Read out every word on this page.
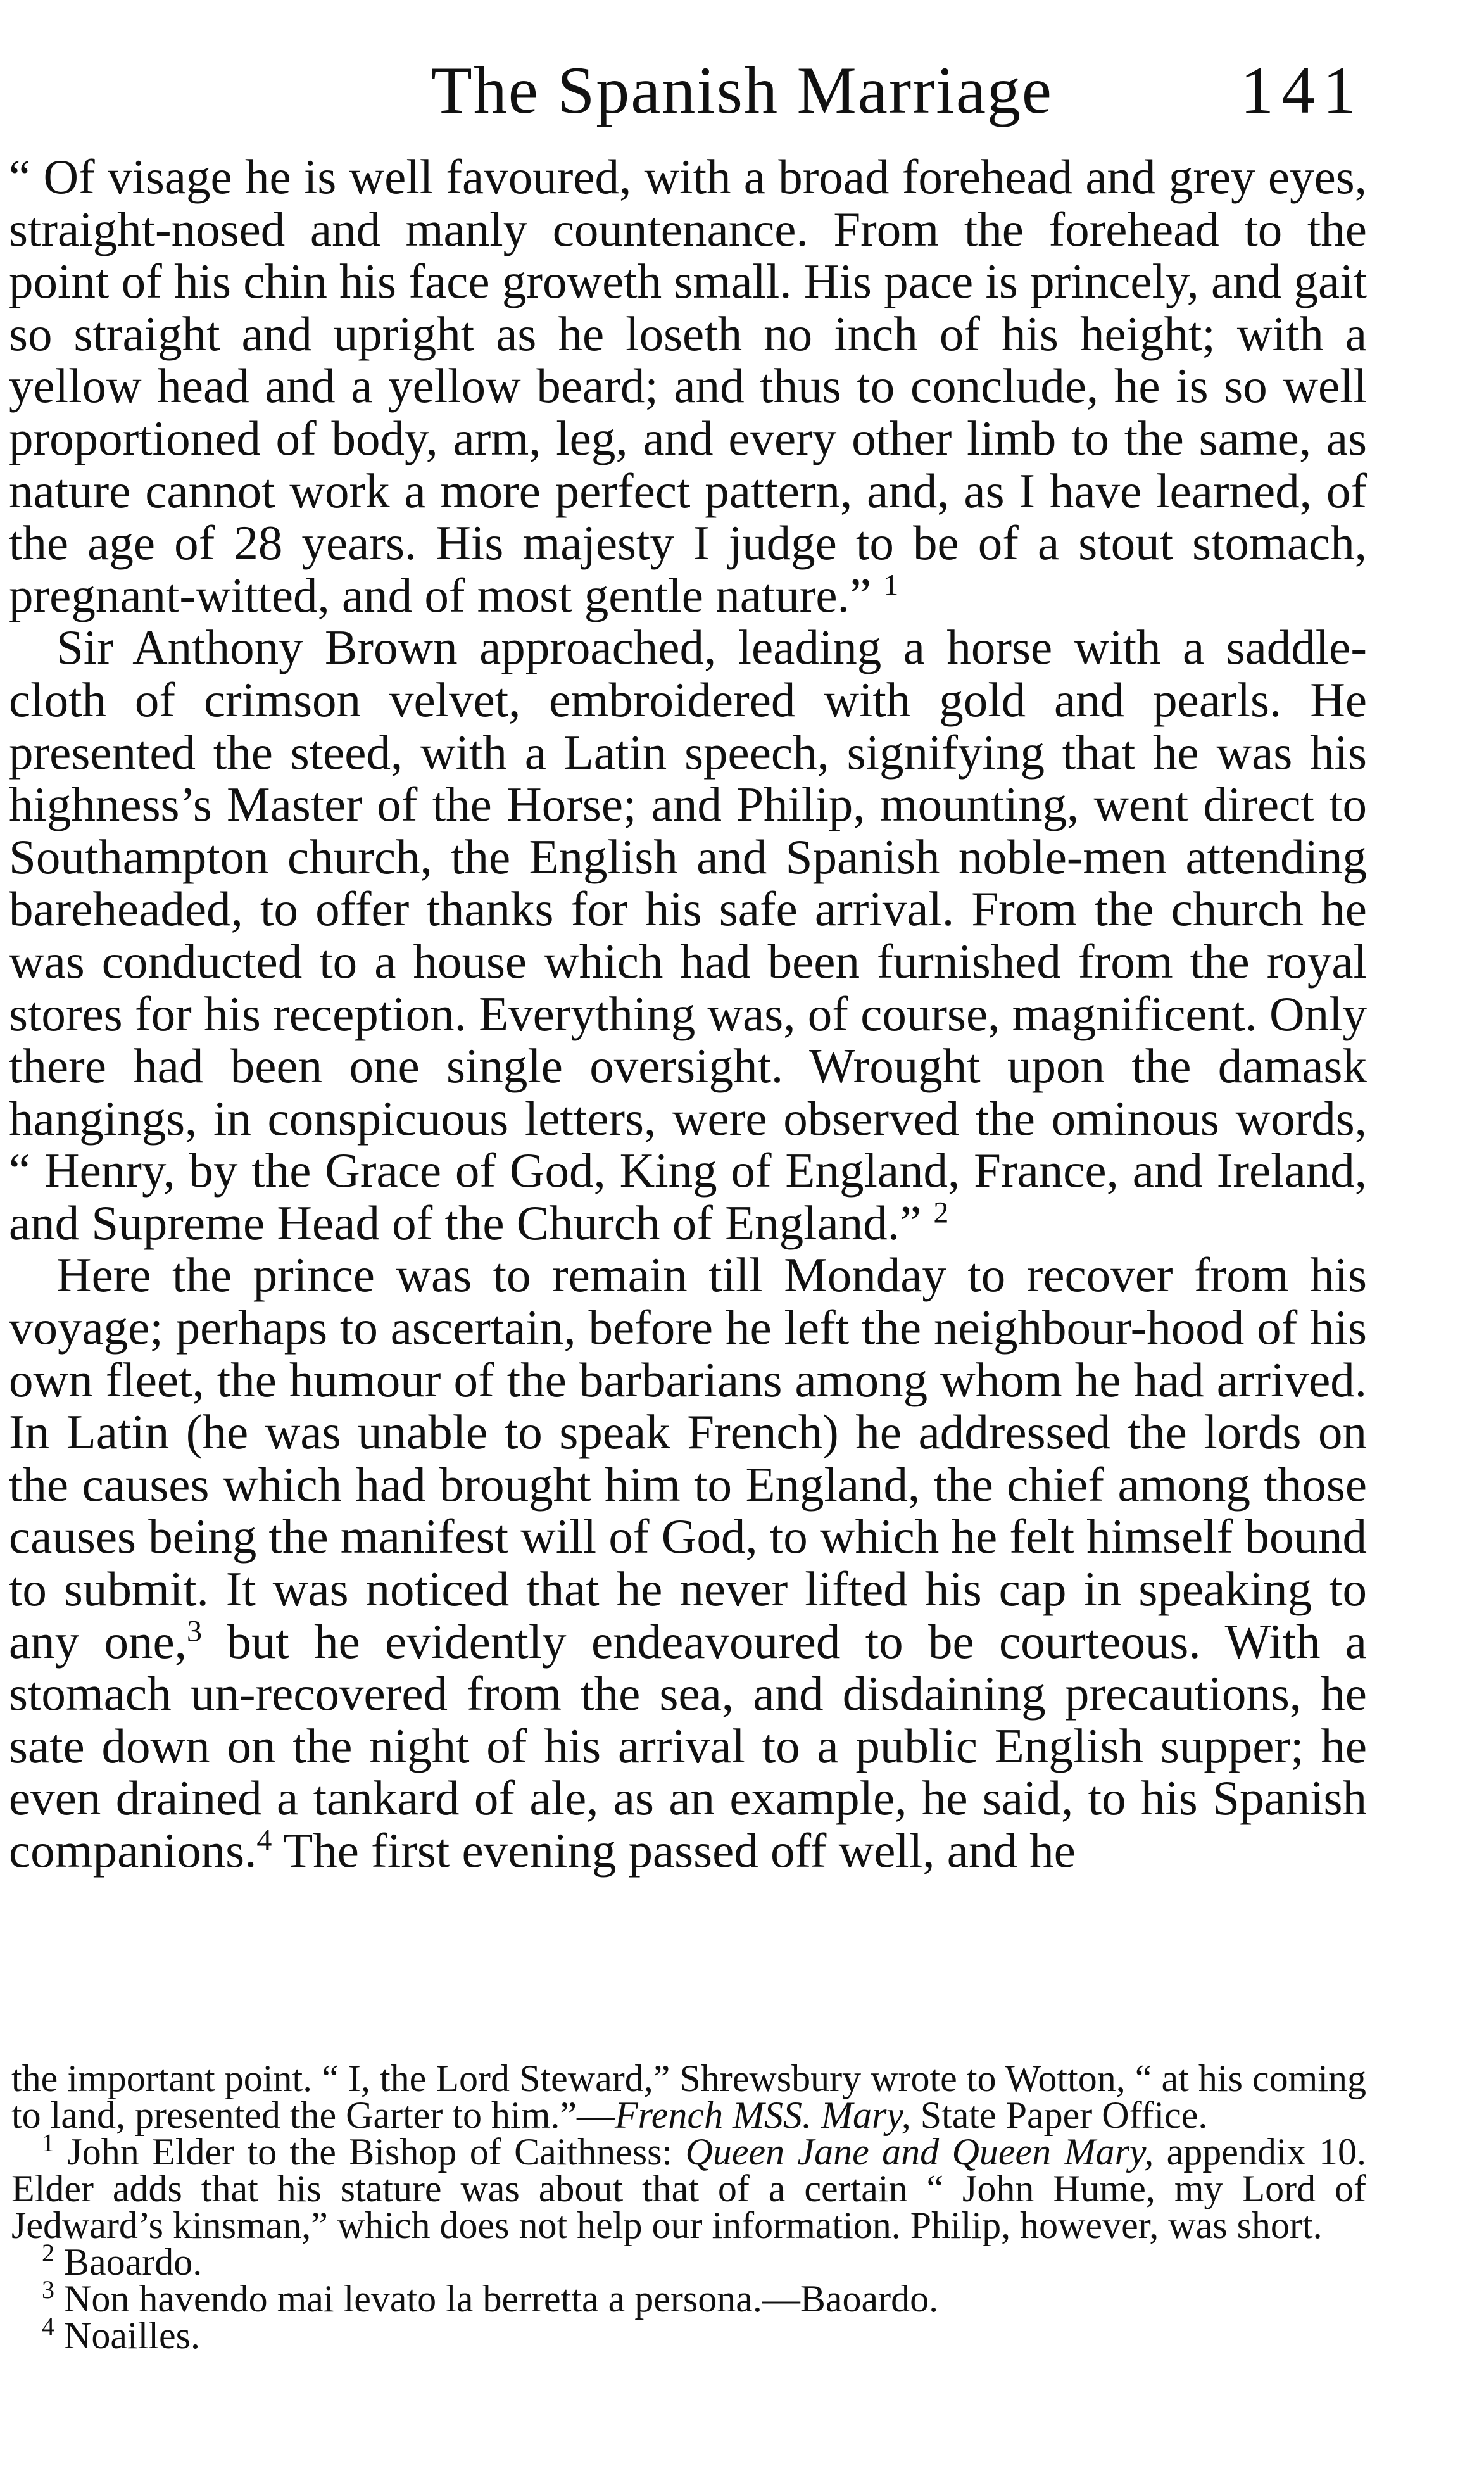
The Spanish Marriage	141

“ Of visage he is well favoured, with a broad forehead and grey eyes, straight-nosed and manly countenance. From the forehead to the point of his chin his face groweth small. His pace is princely, and gait so straight and upright as he loseth no inch of his height; with a yellow head and a yellow beard; and thus to conclude, he is so well proportioned of body, arm, leg, and every other limb to the same, as nature cannot work a more perfect pattern, and, as I have learned, of the age of 28 years. His majesty I judge to be of a stout stomach, pregnant-witted, and of most gentle nature.” $^1$

Sir Anthony Brown approached, leading a horse with a saddle-cloth of crimson velvet, embroidered with gold and pearls. He presented the steed, with a Latin speech, signifying that he was his highness’s Master of the Horse; and Philip, mounting, went direct to Southampton church, the English and Spanish noble-men attending bareheaded, to offer thanks for his safe arrival. From the church he was conducted to a house which had been furnished from the royal stores for his reception. Everything was, of course, magnificent. Only there had been one single oversight. Wrought upon the damask hangings, in conspicuous letters, were observed the ominous words, “ Henry, by the Grace of God, King of England, France, and Ireland, and Supreme Head of the Church of England.” $^2$

Here the prince was to remain till Monday to recover from his voyage; perhaps to ascertain, before he left the neighbour-hood of his own fleet, the humour of the barbarians among whom he had arrived. In Latin (he was unable to speak French) he addressed the lords on the causes which had brought him to England, the chief among those causes being the manifest will of God, to which he felt himself bound to submit. It was noticed that he never lifted his cap in speaking to any one,$^3$ but he evidently endeavoured to be courteous. With a stomach un-recovered from the sea, and disdaining precautions, he sate down on the night of his arrival to a public English supper; he even drained a tankard of ale, as an example, he said, to his Spanish companions.$^4$ The first evening passed off well, and he

the important point. “ I, the Lord Steward,” Shrewsbury wrote to Wotton, “ at his coming to land, presented the Garter to him.”—French MSS. Mary, State Paper Office.

$^1$ John Elder to the Bishop of Caithness: Queen Jane and Queen Mary, appendix 10. Elder adds that his stature was about that of a certain “ John Hume, my Lord of Jedward’s kinsman,” which does not help our information. Philip, however, was short.

$^2$ Baoardo.

$^3$ Non havendo mai levato la berretta a persona.—Baoardo.

$^4$ Noailles.
